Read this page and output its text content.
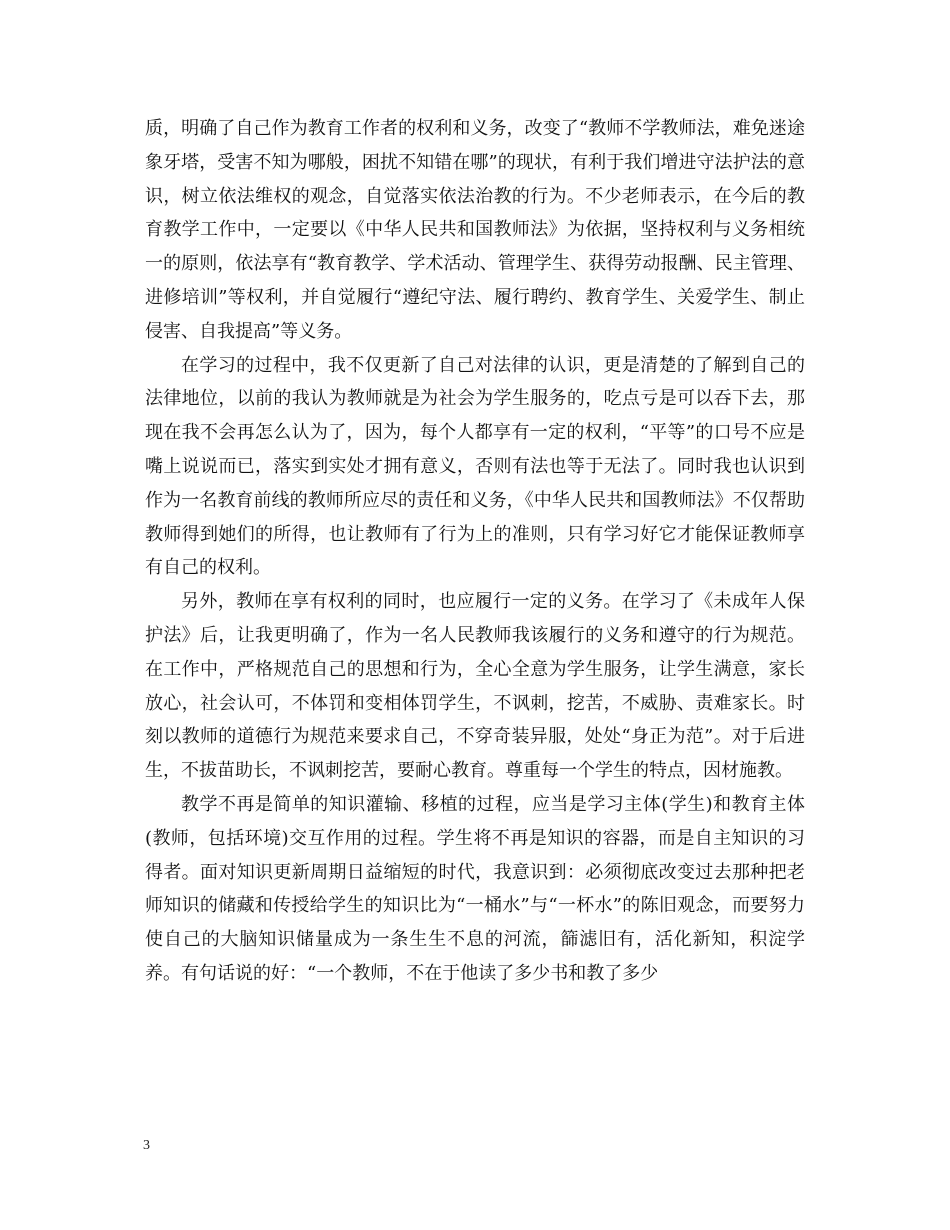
质，明确了自己作为教育工作者的权利和义务，改变了“教师不学教师法，难免迷途象牙塔，受害不知为哪般，困扰不知错在哪”的现状，有利于我们增进守法护法的意识，树立依法维权的观念，自觉落实依法治教的行为。不少老师表示，在今后的教育教学工作中，一定要以《中华人民共和国教师法》为依据，坚持权利与义务相统一的原则，依法享有“教育教学、学术活动、管理学生、获得劳动报酬、民主管理、进修培训”等权利，并自觉履行“遵纪守法、履行聘约、教育学生、关爱学生、制止侵害、自我提高”等义务。

在学习的过程中，我不仅更新了自己对法律的认识，更是清楚的了解到自己的法律地位，以前的我认为教师就是为社会为学生服务的，吃点亏是可以吞下去，那现在我不会再怎么认为了，因为，每个人都享有一定的权利，“平等”的口号不应是嘴上说说而已，落实到实处才拥有意义，否则有法也等于无法了。同时我也认识到作为一名教育前线的教师所应尽的责任和义务，《中华人民共和国教师法》不仅帮助教师得到她们的所得，也让教师有了行为上的准则，只有学习好它才能保证教师享有自己的权利。

另外，教师在享有权利的同时，也应履行一定的义务。在学习了《未成年人保护法》后，让我更明确了，作为一名人民教师我该履行的义务和遵守的行为规范。在工作中，严格规范自己的思想和行为，全心全意为学生服务，让学生满意，家长放心，社会认可，不体罚和变相体罚学生，不讽刺，挖苦，不威胁、责难家长。时刻以教师的道德行为规范来要求自己，不穿奇装异服，处处“身正为范”。对于后进生，不拔苗助长，不讽刺挖苦，要耐心教育。尊重每一个学生的特点，因材施教。

教学不再是简单的知识灌输、移植的过程，应当是学习主体(学生)和教育主体(教师，包括环境)交互作用的过程。学生将不再是知识的容器，而是自主知识的习得者。面对知识更新周期日益缩短的时代，我意识到：必须彻底改变过去那种把老师知识的储藏和传授给学生的知识比为“一桶水”与“一杯水”的陈旧观念，而要努力使自己的大脑知识储量成为一条生生不息的河流，篩滤旧有，活化新知，积淀学养。有句话说的好：“一个教师，不在于他读了多少书和教了多少

3
